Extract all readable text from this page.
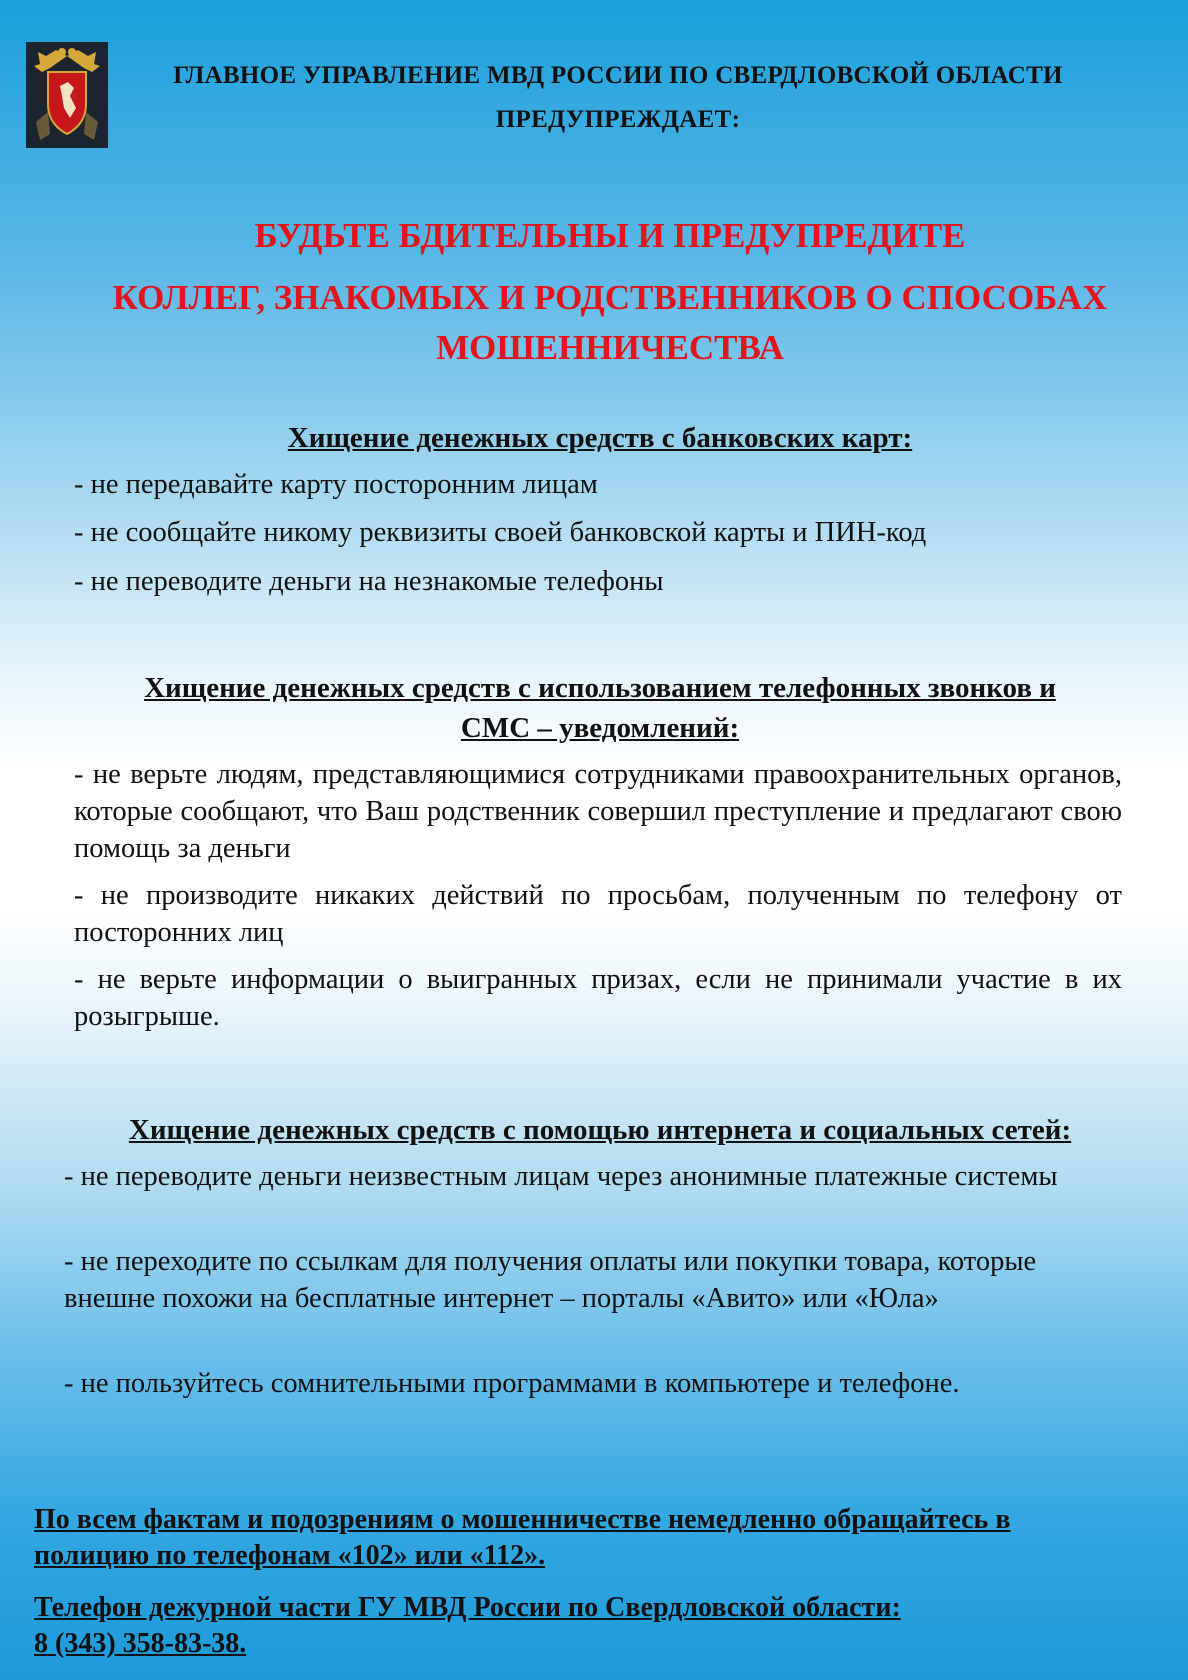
ГЛАВНОЕ УПРАВЛЕНИЕ МВД РОССИИ ПО СВЕРДЛОВСКОЙ ОБЛАСТИ
ПРЕДУПРЕЖДАЕТ:
БУДЬТЕ БДИТЕЛЬНЫ И ПРЕДУПРЕДИТЕ
КОЛЛЕГ, ЗНАКОМЫХ И РОДСТВЕННИКОВ О СПОСОБАХ
МОШЕННИЧЕСТВА
Хищение денежных средств с банковских карт:
- не передавайте карту посторонним лицам
- не сообщайте никому реквизиты своей банковской карты и ПИН-код
- не переводите деньги на незнакомые телефоны
Хищение денежных средств с использованием телефонных звонков и
СМС – уведомлений:
- не верьте людям, представляющимися сотрудниками правоохранительных органов, которые сообщают, что Ваш родственник совершил преступление и предлагают свою помощь за деньги
- не производите никаких действий по просьбам, полученным по телефону от посторонних лиц
- не верьте информации о выигранных призах, если не принимали участие в их розыгрыше.
Хищение денежных средств с помощью интернета и социальных сетей:
- не переводите деньги неизвестным лицам через анонимные платежные системы
- не переходите по ссылкам для получения оплаты или покупки товара, которые внешне похожи на бесплатные интернет – порталы «Авито» или «Юла»
- не пользуйтесь сомнительными программами в компьютере и телефоне.
По всем фактам и подозрениям о мошенничестве немедленно обращайтесь в
полицию по телефонам «102» или «112».
Телефон дежурной части ГУ МВД России по Свердловской области:
8 (343) 358-83-38.
